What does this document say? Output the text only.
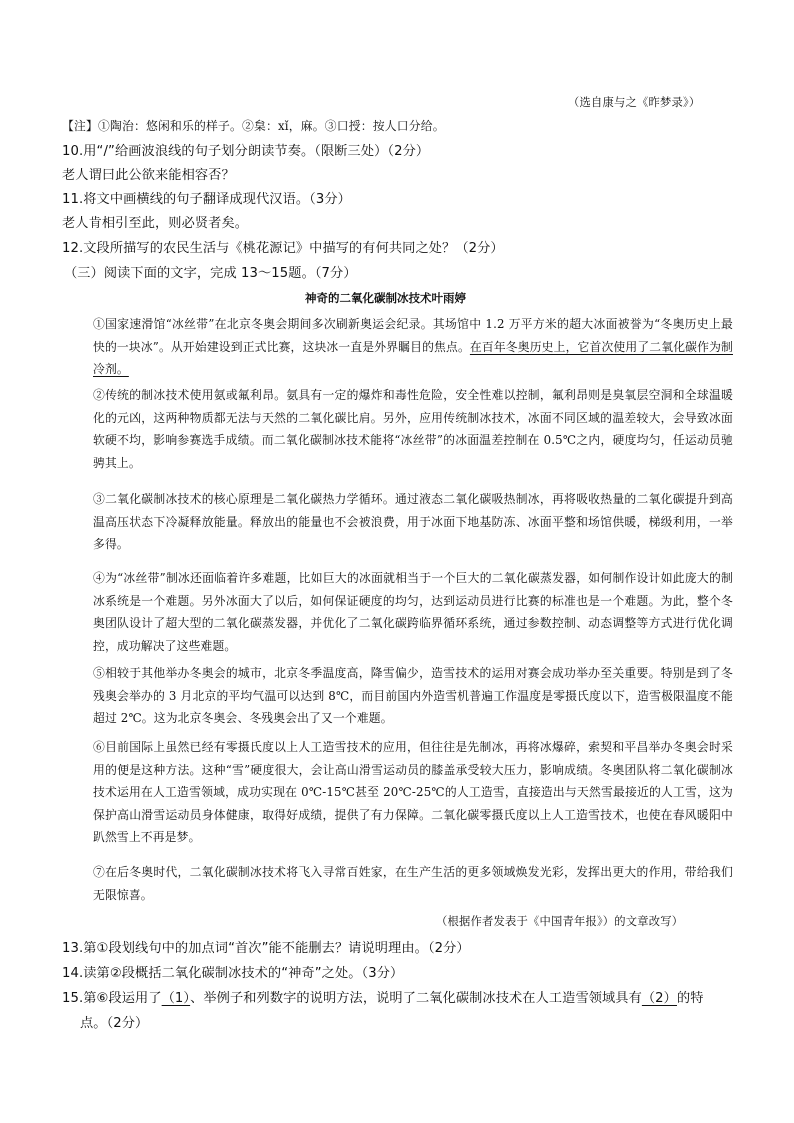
（选自康与之《昨梦录》）
【注】①陶治：悠闲和乐的样子。②枲：xǐ，麻。③口授：按人口分给。
10.用“/”给画波浪线的句子划分朗读节奏。（限断三处）（2分）
老人谓曰此公欲来能相容否？
11.将文中画横线的句子翻译成现代汉语。（3分）
老人肯相引至此，则必贤者矣。
12.文段所描写的农民生活与《桃花源记》中描写的有何共同之处？（2分）
（三）阅读下面的文字，完成 13～15题。（7分）
神奇的二氧化碳制冰技术叶雨婷

①国家速滑馆“冰丝带”在北京冬奥会期间多次刷新奥运会纪录。其场馆中 1.2 万平方米的超大冰面被誉为“冬奥历史上最快的一块冰”。从开始建设到正式比赛，这块冰一直是外界瞩目的焦点。在百年冬奥历史上，它首次使用了二氧化碳作为制冷剂。

②传统的制冰技术使用氨或氟利昂。氨具有一定的爆炸和毒性危险，安全性难以控制，氟利昂则是臭氧层空洞和全球温暖化的元凶，这两种物质都无法与天然的二氧化碳比肩。另外，应用传统制冰技术，冰面不同区域的温差较大，会导致冰面软硬不均，影响参赛选手成绩。而二氧化碳制冰技术能将“冰丝带”的冰面温差控制在 0.5℃之内，硬度均匀，任运动员驰骋其上。

③二氧化碳制冰技术的核心原理是二氧化碳热力学循环。通过液态二氧化碳吸热制冰，再将吸收热量的二氧化碳提升到高温高压状态下冷凝释放能量。释放出的能量也不会被浪费，用于冰面下地基防冻、冰面平整和场馆供暖，梯级利用，一举多得。

④为“冰丝带”制冰还面临着许多难题，比如巨大的冰面就相当于一个巨大的二氧化碳蒸发器，如何制作设计如此庞大的制冰系统是一个难题。另外冰面大了以后，如何保证硬度的均匀，达到运动员进行比赛的标准也是一个难题。为此，整个冬奥团队设计了超大型的二氧化碳蒸发器，并优化了二氧化碳跨临界循环系统，通过参数控制、动态调整等方式进行优化调控，成功解决了这些难题。

⑤相较于其他举办冬奥会的城市，北京冬季温度高，降雪偏少，造雪技术的运用对赛会成功举办至关重要。特别是到了冬残奥会举办的 3 月北京的平均气温可以达到 8℃，而目前国内外造雪机普遍工作温度是零摄氏度以下，造雪极限温度不能超过 2℃。这为北京冬奥会、冬残奥会出了又一个难题。

⑥目前国际上虽然已经有零摄氏度以上人工造雪技术的应用，但往往是先制冰，再将冰爆碎，索契和平昌举办冬奥会时采用的便是这种方法。这种“雪”硬度很大，会让高山滑雪运动员的膝盖承受较大压力，影响成绩。冬奥团队将二氧化碳制冰技术运用在人工造雪领域，成功实现在 0℃-15℃甚至 20℃-25℃的人工造雪，直接造出与天然雪最接近的人工雪，这为保护高山滑雪运动员身体健康，取得好成绩，提供了有力保障。二氧化碳零摄氏度以上人工造雪技术，也使在春风暖阳中趴然雪上不再是梦。

⑦在后冬奥时代，二氧化碳制冰技术将飞入寻常百姓家，在生产生活的更多领域焕发光彩，发挥出更大的作用，带给我们无限惊喜。

（根据作者发表于《中国青年报》）的文章改写）
13.第①段划线句中的加点词“首次”能不能删去？请说明理由。（2分）
14.读第②段概括二氧化碳制冰技术的“神奇”之处。（3分）
15.第⑥段运用了（1）、举例子和列数字的说明方法，说明了二氧化碳制冰技术在人工造雪领域具有（2）的特
点。（2分）
